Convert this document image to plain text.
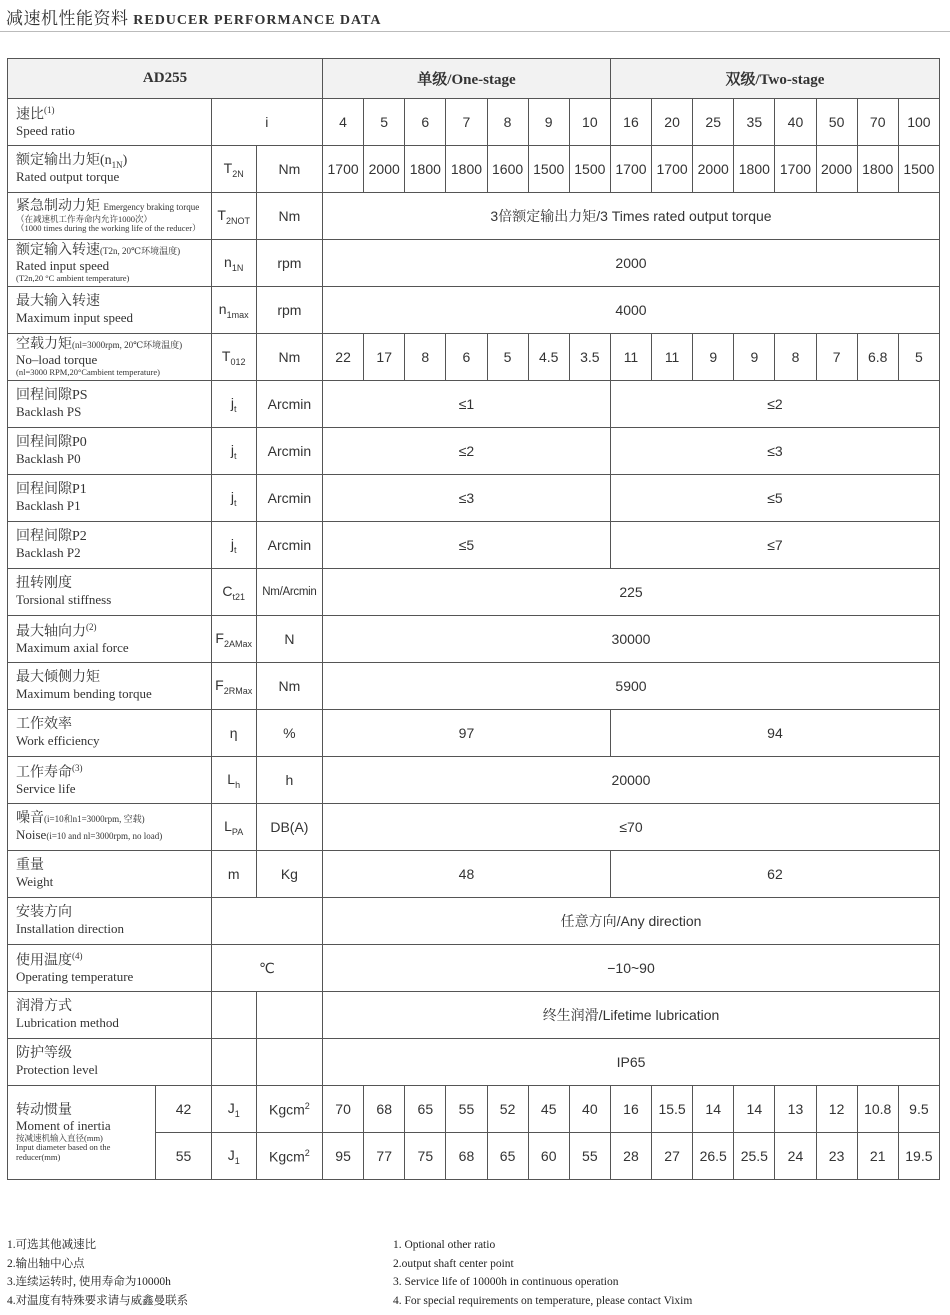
减速机性能资料 REDUCER PERFORMANCE DATA
AD255				单级/One-stage							双级/Two-stage							

速比$^{(1)}$
Speed ratio		i		4	5	6	7	8	9	10	16	20	25	35	40	50	70	100

额定输出力矩$(n_{1N})$
Rated output torque		$T_{2N}$	Nm	1700	2000	1800	1800	1600	1500	1500	1700	1700	2000	1800	1700	2000	1800	1500

紧急制动力矩 Emergency braking torque
（在减速机工作寿命内允许1000次）
（1000 times during the working life of the reducer）		$T_{2NOT}$	Nm	3倍额定输出力矩/3 Times rated output torque														

额定输入转速(T2n, 20℃环境温度)
Rated input speed
(T2n,20 °C ambient temperature)		$n_{1N}$	rpm	2000														

最大输入转速
Maximum input speed		$n_{1max}$	rpm	4000														

空载力矩(nl=3000rpm, 20℃环境温度)
No–load torque
(nl=3000 RPM,20°Cambient temperature)		$T_{012}$	Nm	22	17	8	6	5	4.5	3.5	11	11	9	9	8	7	6.8	5

回程间隙PS
Backlash PS		$j_t$	Arcmin	≤1							≤2							

回程间隙P0
Backlash P0		$j_t$	Arcmin	≤2							≤3							

回程间隙P1
Backlash P1		$j_t$	Arcmin	≤3							≤5							

回程间隙P2
Backlash P2		$j_t$	Arcmin	≤5							≤7							

扭转刚度
Torsional stiffness		$C_{t21}$	Nm/Arcmin	225														

最大轴向力$^{(2)}$
Maximum axial force		$F_{2AMax}$	N	30000														

最大倾侧力矩
Maximum bending torque		$F_{2RMax}$	Nm	5900														

工作效率
Work efficiency		η	%	97							94							

工作寿命$^{(3)}$
Service life		$L_h$	h	20000														

噪音(i=10和n1=3000rpm, 空载)
Noise(i=10 and nl=3000rpm, no load)		$L_{PA}$	DB(A)	≤70														

重量
Weight		m	Kg	48							62							

安装方向
Installation direction				任意方向/Any direction														

使用温度$^{(4)}$
Operating temperature		℃		−10~90														

润滑方式
Lubrication method				终生润滑/Lifetime lubrication														

防护等级
Protection level				IP65														

转动惯量
Moment of inertia
按减速机输入直径(mm)
Input diameter based on the reducer(mm)	42	$J_1$	Kgcm$^2$	70	68	65	55	52	45	40	16	15.5	14	14	13	12	10.8	9.5
	55	$J_1$	Kgcm$^2$	95	77	75	68	65	60	55	28	27	26.5	25.5	24	23	21	19.5
1.可选其他减速比
2.输出轴中心点
3.连续运转时, 使用寿命为10000h
4.对温度有特殊要求请与威鑫曼联系
1. Optional other ratio
2.output shaft center point
3. Service life of 10000h in continuous operation
4. For special requirements on temperature, please contact Vixim
